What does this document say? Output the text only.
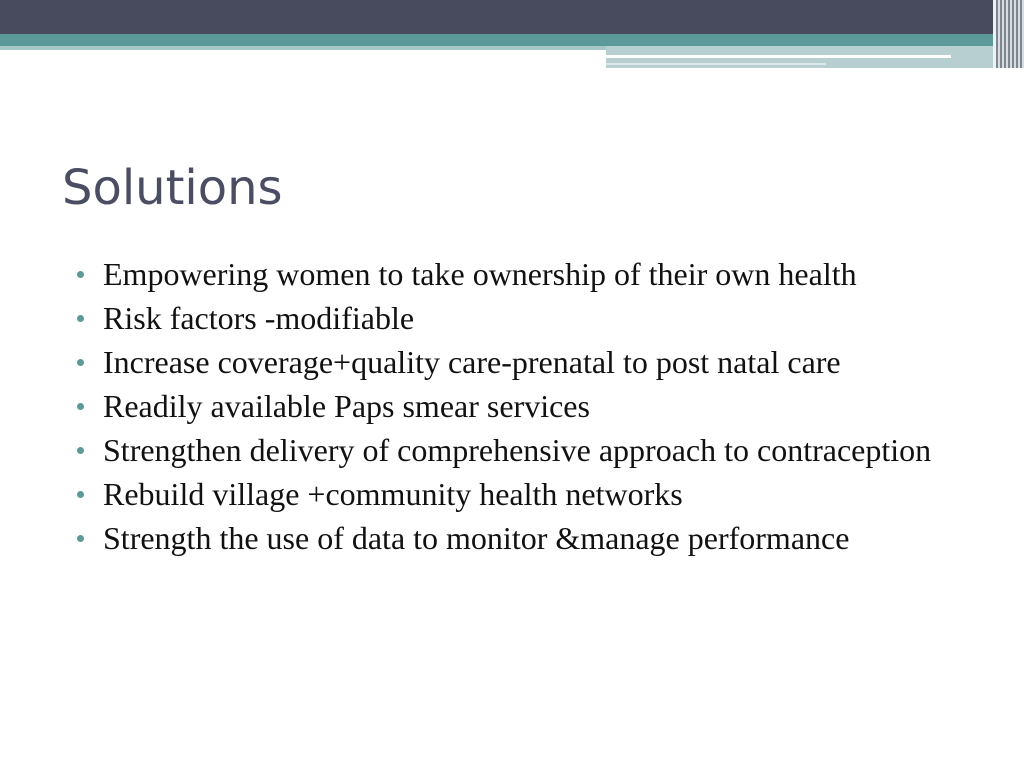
Solutions
Empowering women to take ownership of their own health
Risk factors -modifiable
Increase coverage+quality care-prenatal to post natal care
Readily available Paps smear services
Strengthen delivery of comprehensive approach to contraception
Rebuild village +community health networks
Strength the use of data to monitor &manage performance
